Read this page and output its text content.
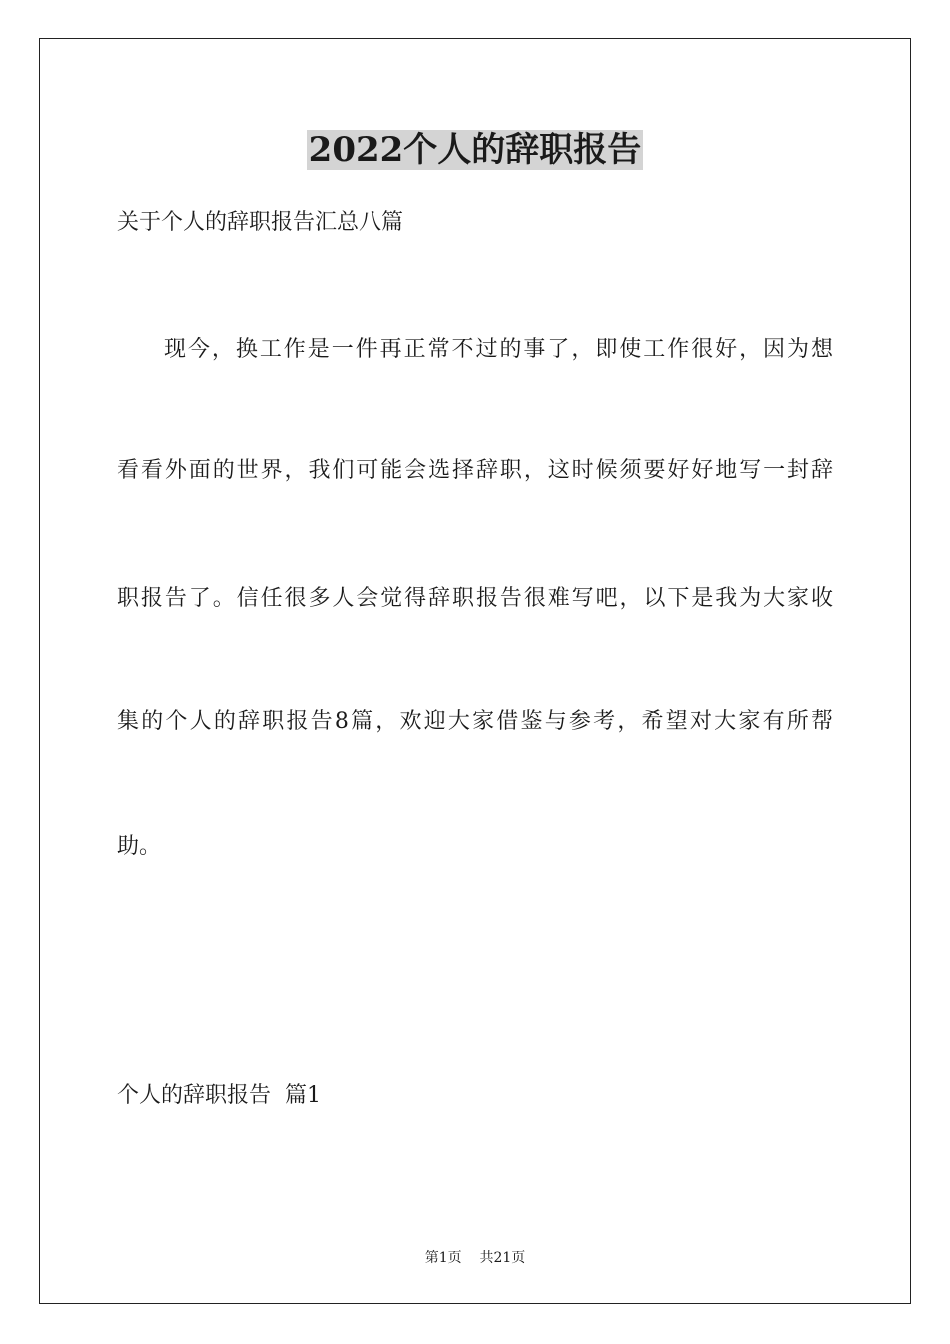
2022个人的辞职报告
关于个人的辞职报告汇总八篇
现今，换工作是一件再正常不过的事了，即使工作很好，因为想
看看外面的世界，我们可能会选择辞职，这时候须要好好地写一封辞
职报告了。信任很多人会觉得辞职报告很难写吧，以下是我为大家收
集的个人的辞职报告8篇，欢迎大家借鉴与参考，希望对大家有所帮
助。
个人的辞职报告  篇1
第1页    共21页
